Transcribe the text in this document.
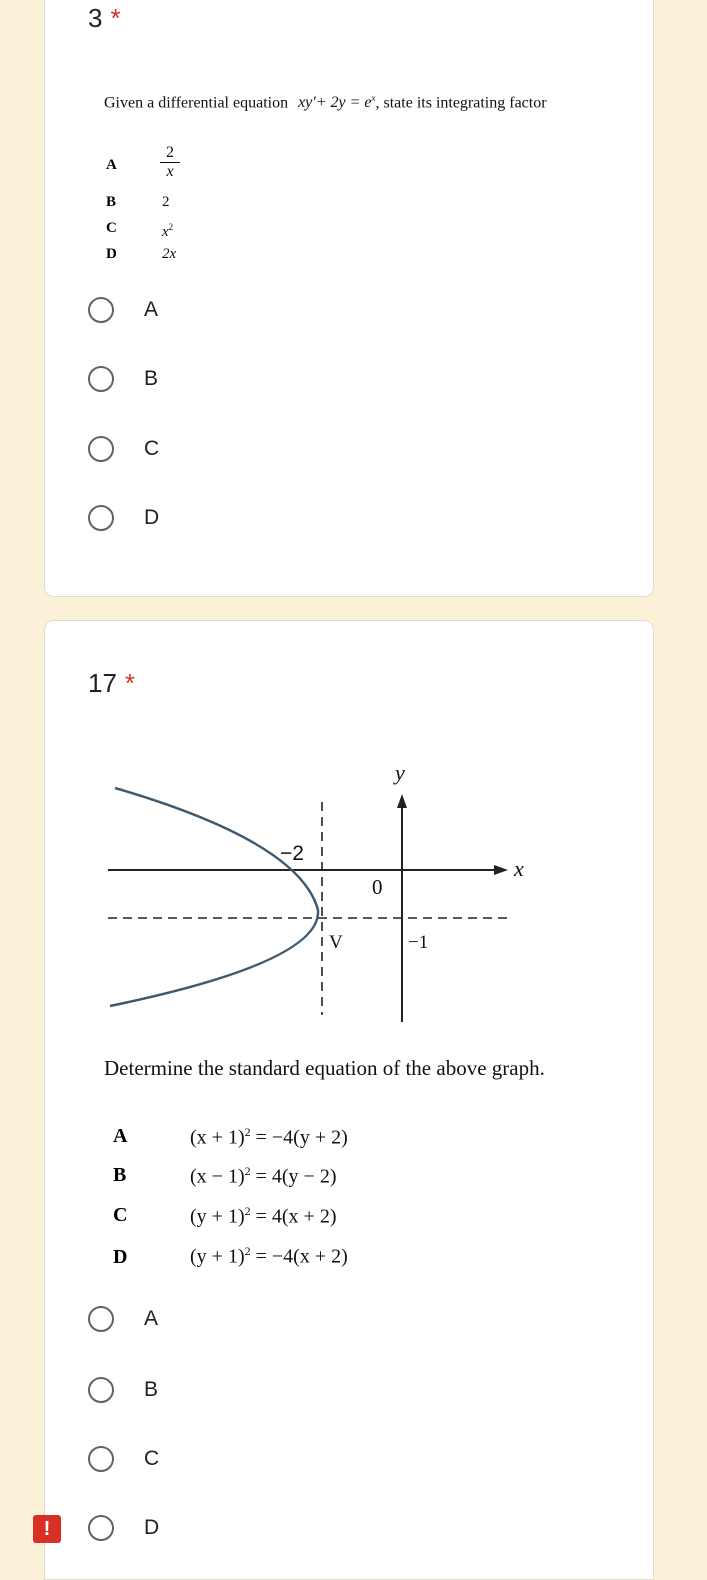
3 *
Given a differential equation $xy'+ 2y = e^x$, state its integrating factor
A	$\frac{2}{x}$
B	2
C	$x^2$
D	2x
A
B
C
D
17 *
y
x
−2
0
V	−1
Determine the standard equation of the above graph.
A	$(x + 1)^2 = -4(y + 2)$
B	$(x - 1)^2 = 4(y - 2)$
C	$(y + 1)^2 = 4(x + 2)$
D	$(y + 1)^2 = -4(x + 2)$
A
B
C
D
!
